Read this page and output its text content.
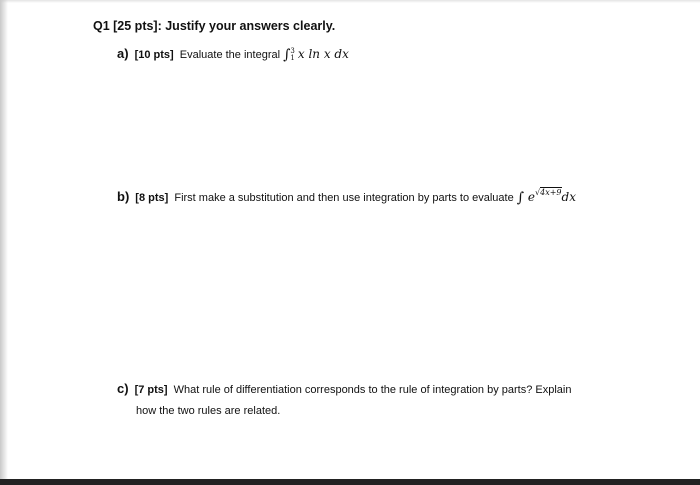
Q1 [25 pts]: Justify your answers clearly.
a) [10 pts] Evaluate the integral ∫ 3
1 x ln x dx
b) [8 pts] First make a substitution and then use integration by parts to evaluate ∫ $e^{√4x+9}dx$
c) [7 pts] What rule of differentiation corresponds to the rule of integration by parts? Explain
how the two rules are related.
